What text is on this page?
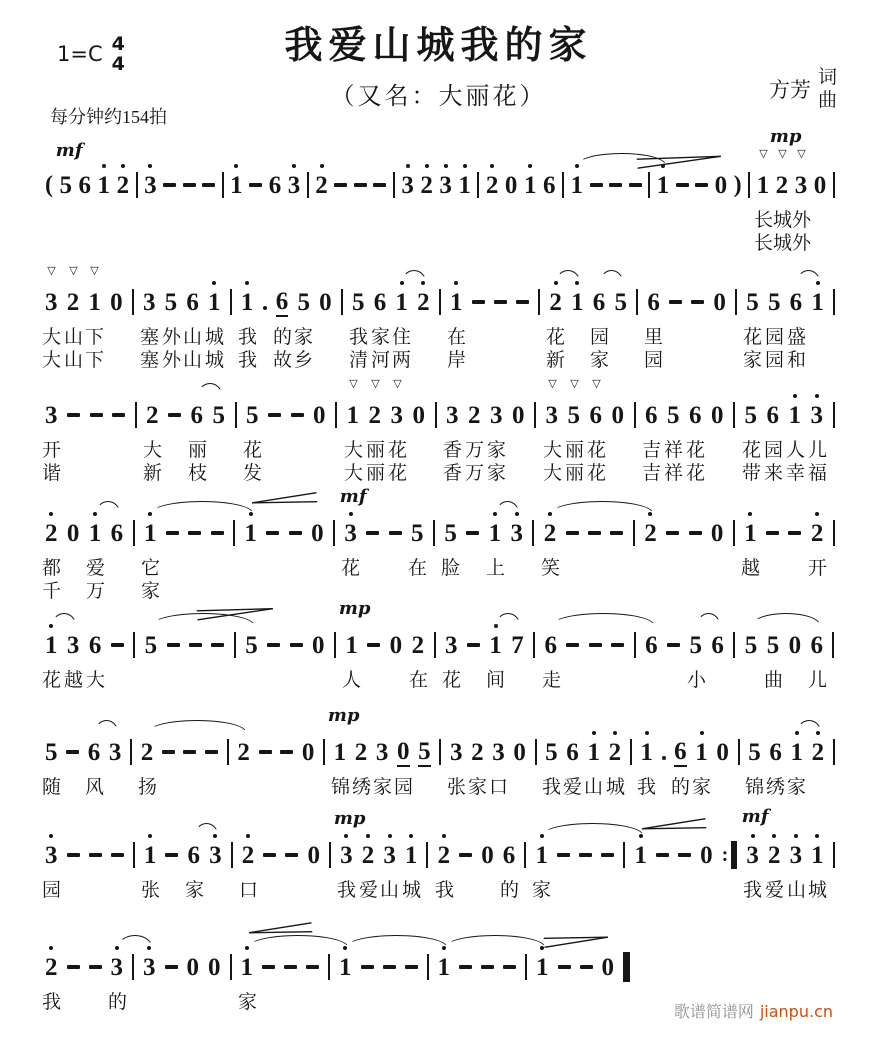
1=C 4
4	我爱山城我的家
（又名：大丽花）
每分钟约154拍
方芳
词
曲
( 5 6 1 2 3	1 6 3 2	3 2 3 1 2 0 1 6 1	1 0 ) 1 2 3 0
▽ ▽ ▽
mf
mp
长 城 外
长 城 外
3 2 1 0 3 5 6 1 1 6 5 0 5 6 1 2 1	2 1 6 5 6 0 5 5 6 1
▽ ▽ ▽
大 山 下 塞 外 山 城 我 的 家 我 家 住 在	花 园 里	花 园 盛
大 山 下 塞 外 山 城 我 故 乡 清 河 两 岸	新 家 园	家 园 和
3	2 6 5 5 0 1 2 3 0 3 2 3 0 3 5 6 0 6 5 6 0 5 6 1 3
▽ ▽ ▽	▽ ▽ ▽
开	大 丽 花	大 丽 花 香 万 家 大 丽 花 吉 祥 花 花 园 人 儿
谐	新 枝 发	大 丽 花 香 万 家 大 丽 花 吉 祥 花 带 来 幸 福
2 0 1 6 1	1 0 3 5 5 1 3 2	2 0 1 2
mf
都 爱 它	花	在 脸 上 笑	越	开
千 万 家
1 3 6 5	5 0 1 0 2 3 1 7 6	6 5 6 5 5 0 6
mp
花 越 大	人	在 花 间 走	小	曲 儿
5 6 3 2	2 0 1 2 3 0 5 3 2 3 0 5 6 1 2 1 6 1 0 5 6 1 2
mp
随 风 扬	锦 绣 家 园 张 家 口 我 爱 山 城 我 的 家 锦 绣 家
3	1 6 3 2 0 3 2 3 1 2 0 6 1	1 0 : 3 2 3 1
mp	mf
园	张 家 口	我 爱 山 城 我 的 家	我 爱 山 城
2 3 3 0 0 1	1	1	1 0
我 的	家	歌谱简谱网 jianpu.cn
